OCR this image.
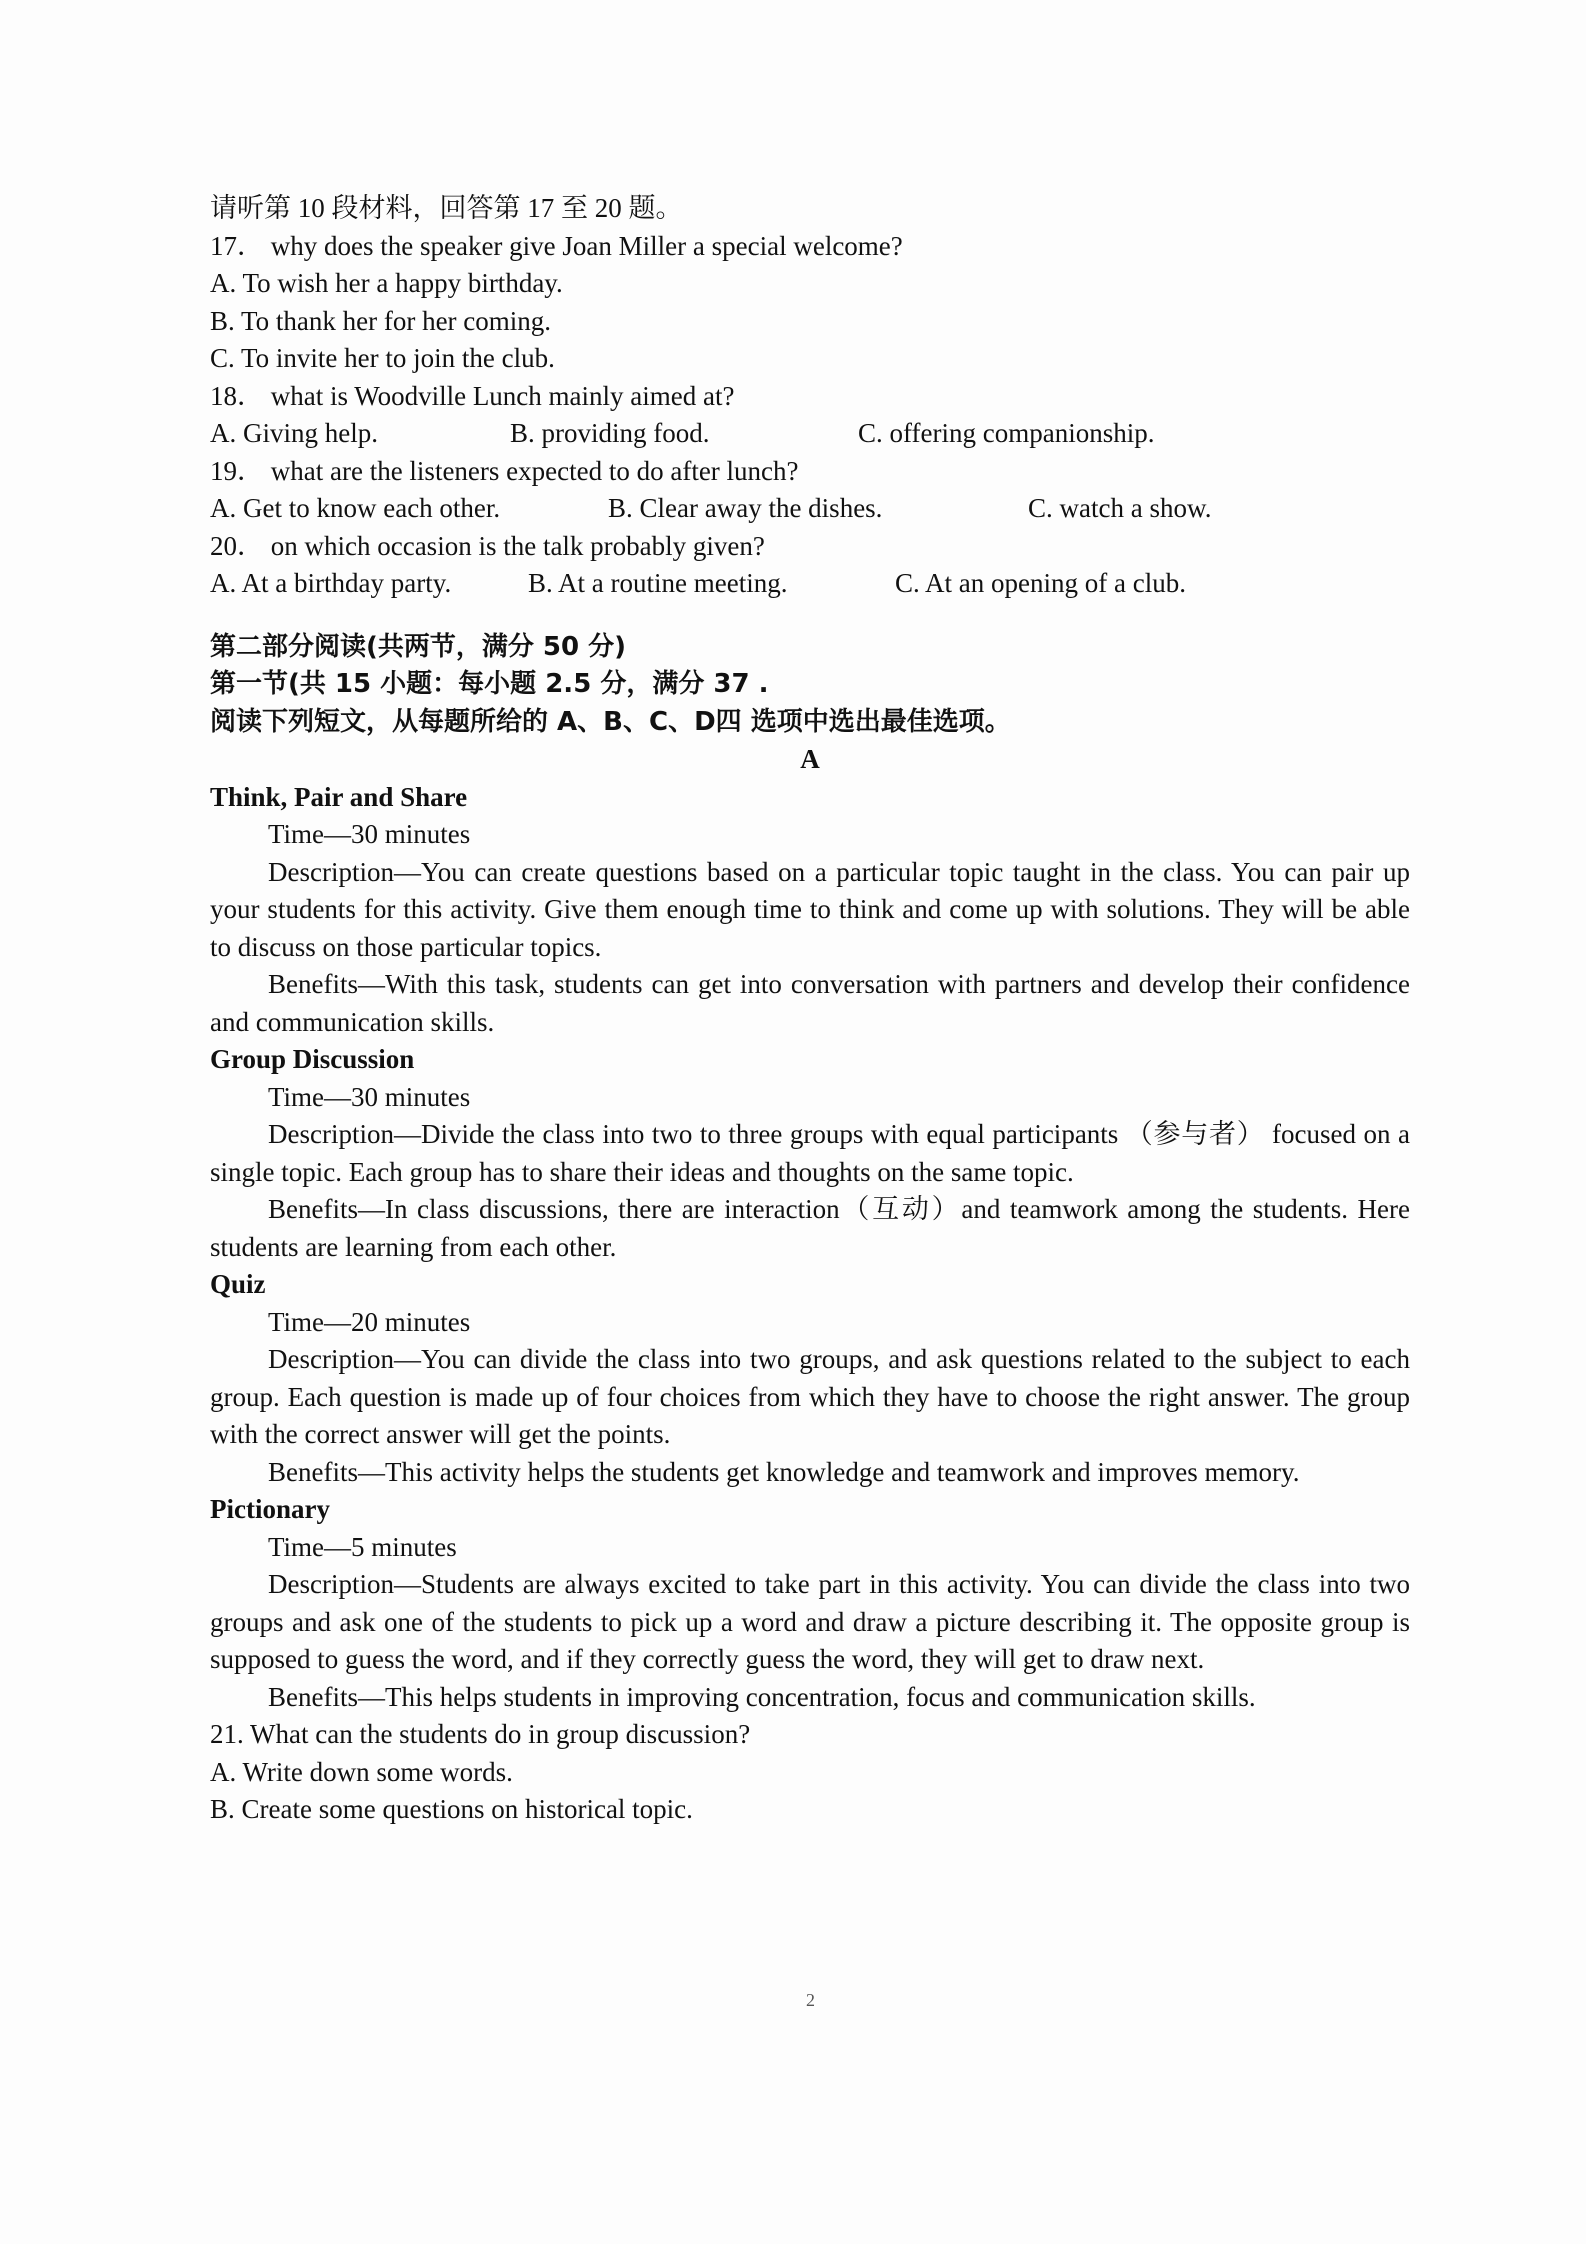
请听第 10 段材料，回答第 17 至 20 题。
17． why does the speaker give Joan Miller a special welcome?
A. To wish her a happy birthday.
B. To thank her for her coming.
C. To invite her to join the club.
18． what is Woodville Lunch mainly aimed at?
A. Giving help.	B. providing food.	C. offering companionship.
19． what are the listeners expected to do after lunch?
A. Get to know each other.	B. Clear away the dishes.	C. watch a show.
20． on which occasion is the talk probably given?
A. At a birthday party.	B. At a routine meeting.	C. At an opening of a club.
第二部分阅读(共两节，满分 50 分)
第一节(共 15 小题：每小题 2.5 分，满分 37 .
阅读下列短文，从每题所给的 A、B、C、D四 选项中选出最佳选项。
A
Think, Pair and Share
Time—30 minutes
Description—You can create questions based on a particular topic taught in the class. You can pair up your students for this activity. Give them enough time to think and come up with solutions. They will be able to discuss on those particular topics.
Benefits—With this task, students can get into conversation with partners and develop their confidence and communication skills.
Group Discussion
Time—30 minutes
Description—Divide the class into two to three groups with equal participants （参与者） focused on a single topic. Each group has to share their ideas and thoughts on the same topic.
Benefits—In class discussions, there are interaction（互动）and teamwork among the students. Here students are learning from each other.
Quiz
Time—20 minutes
Description—You can divide the class into two groups, and ask questions related to the subject to each group. Each question is made up of four choices from which they have to choose the right answer. The group with the correct answer will get the points.
Benefits—This activity helps the students get knowledge and teamwork and improves memory.
Pictionary
Time—5 minutes
Description—Students are always excited to take part in this activity. You can divide the class into two groups and ask one of the students to pick up a word and draw a picture describing it. The opposite group is supposed to guess the word, and if they correctly guess the word, they will get to draw next.
Benefits—This helps students in improving concentration, focus and communication skills.
21. What can the students do in group discussion?
A. Write down some words.
B. Create some questions on historical topic.
2
